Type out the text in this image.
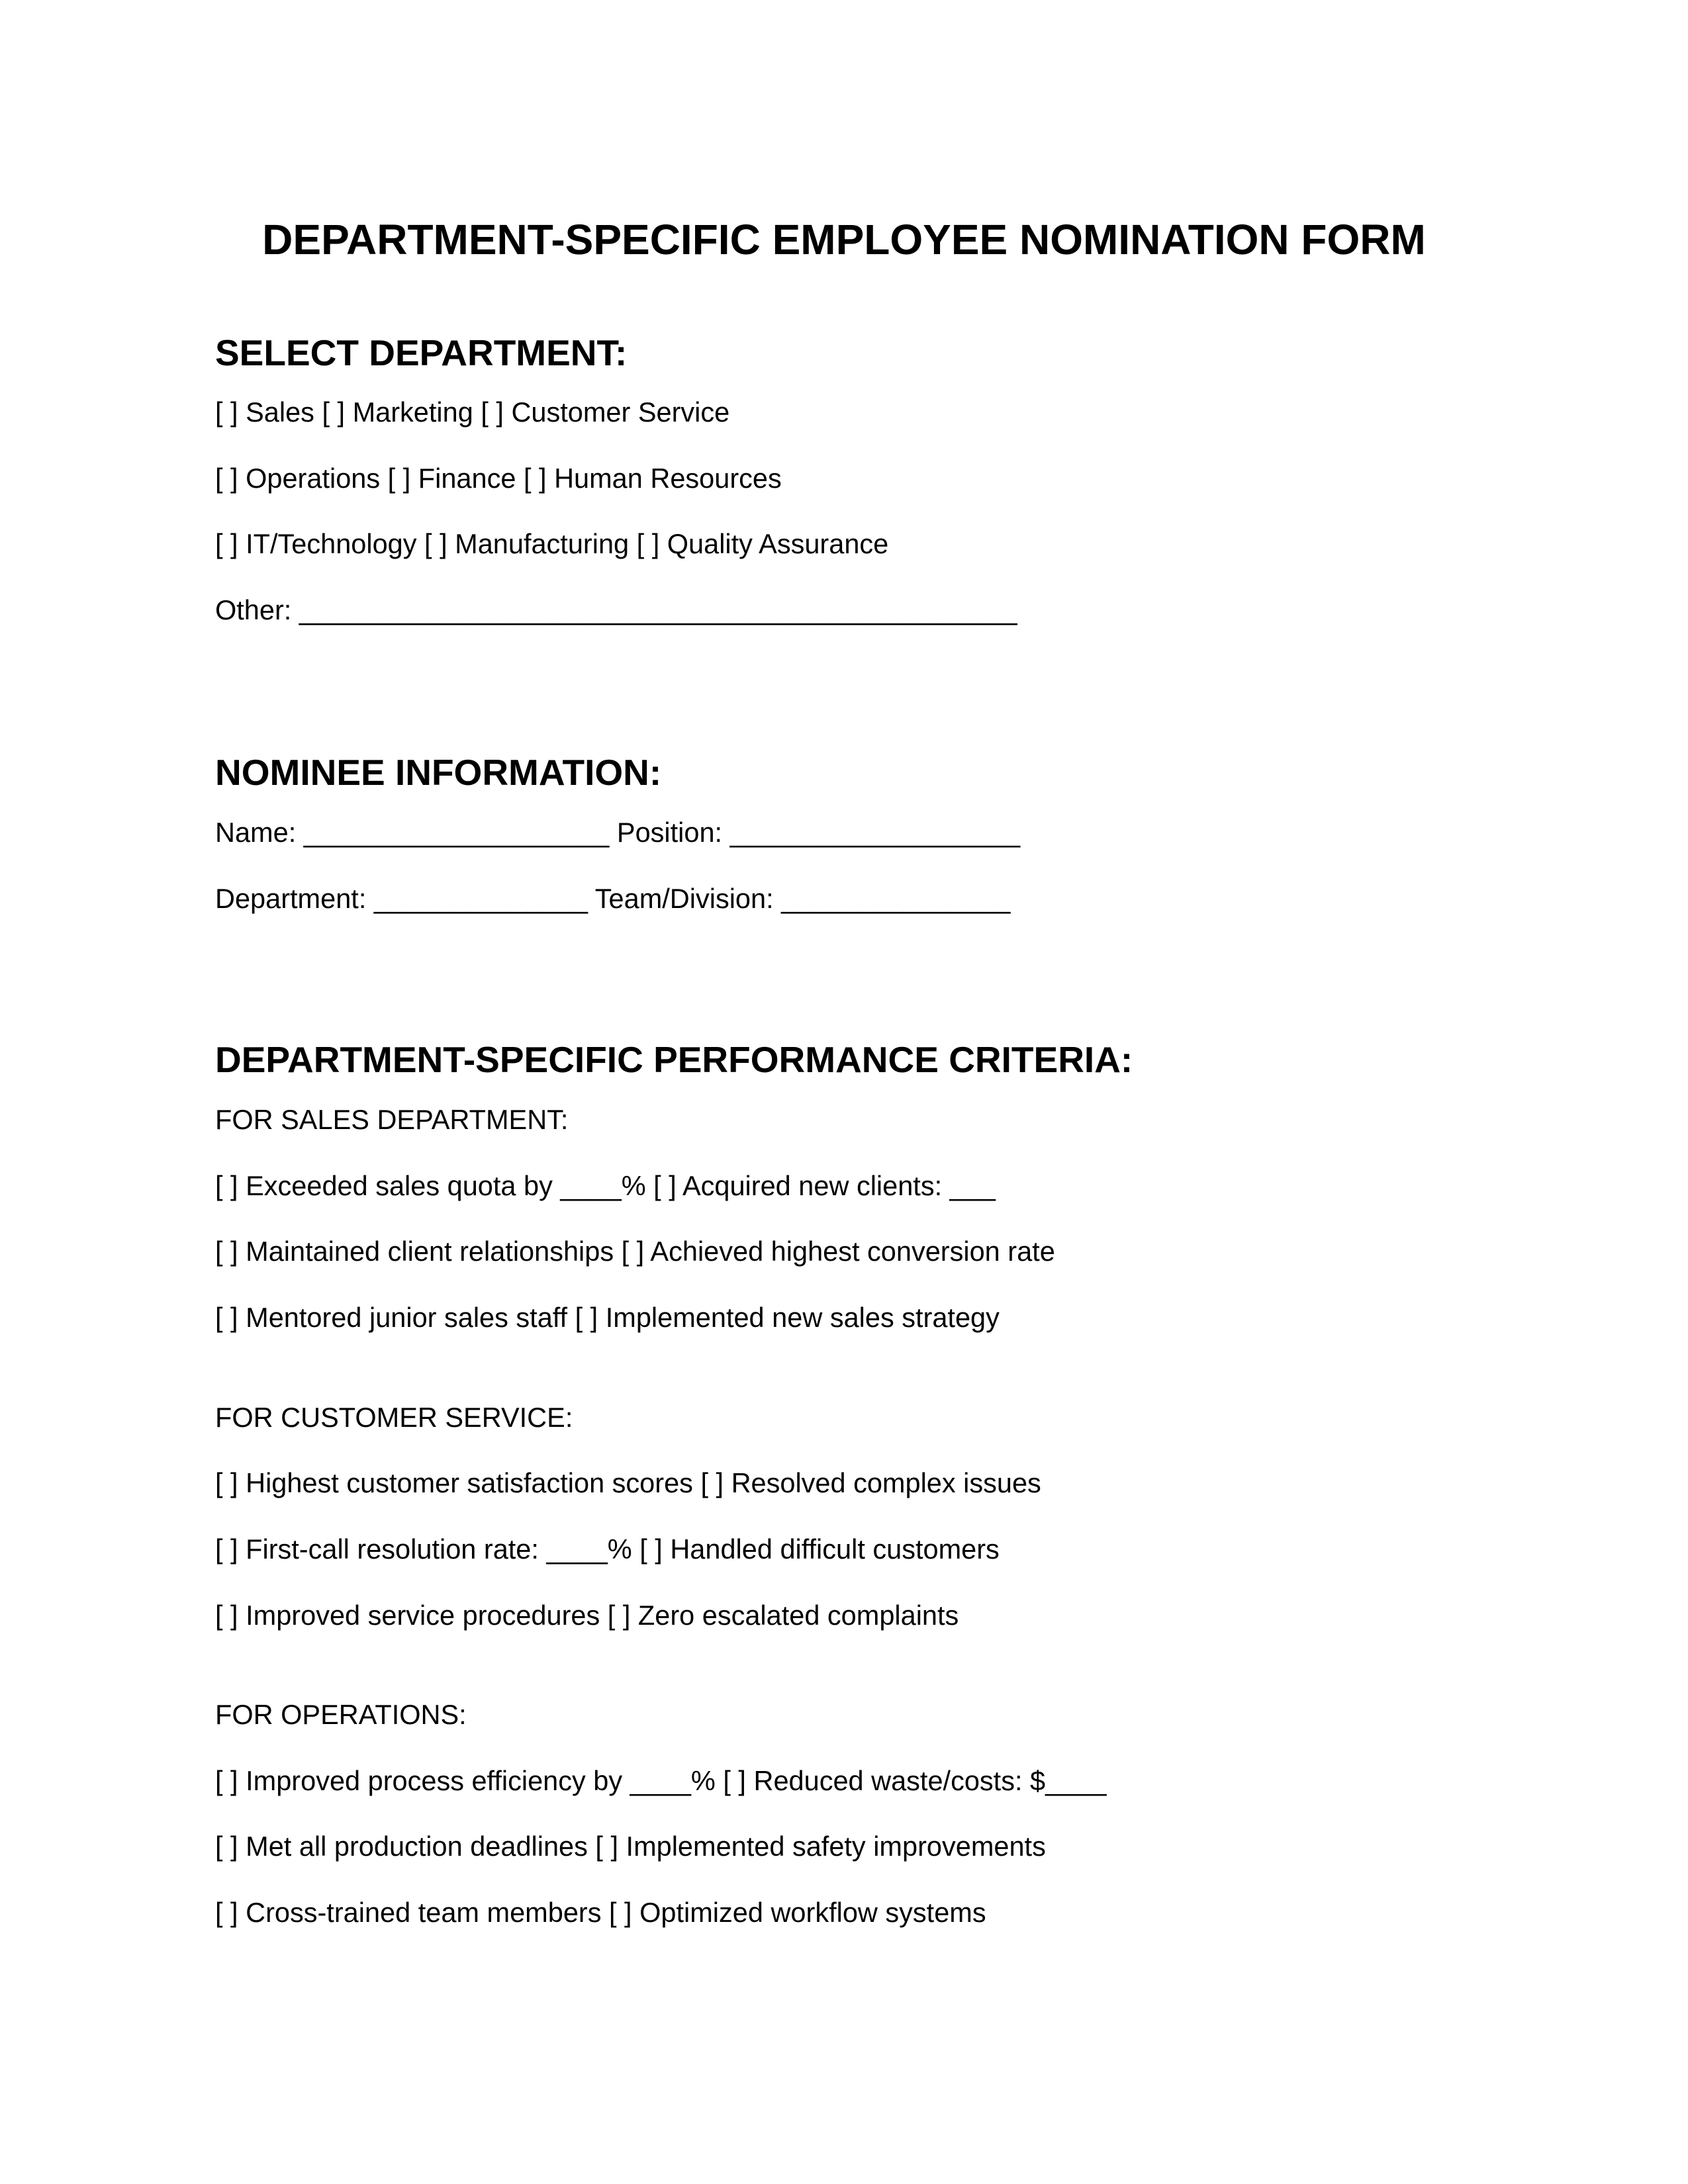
DEPARTMENT-SPECIFIC EMPLOYEE NOMINATION FORM
SELECT DEPARTMENT:
[ ] Sales [ ] Marketing [ ] Customer Service
[ ] Operations [ ] Finance [ ] Human Resources
[ ] IT/Technology [ ] Manufacturing [ ] Quality Assurance
Other: _______________________________________________
NOMINEE INFORMATION:
Name: ____________________ Position: ___________________
Department: ______________ Team/Division: _______________
DEPARTMENT-SPECIFIC PERFORMANCE CRITERIA:
FOR SALES DEPARTMENT:
[ ] Exceeded sales quota by ____% [ ] Acquired new clients: ___
[ ] Maintained client relationships [ ] Achieved highest conversion rate
[ ] Mentored junior sales staff [ ] Implemented new sales strategy
FOR CUSTOMER SERVICE:
[ ] Highest customer satisfaction scores [ ] Resolved complex issues
[ ] First-call resolution rate: ____% [ ] Handled difficult customers
[ ] Improved service procedures [ ] Zero escalated complaints
FOR OPERATIONS:
[ ] Improved process efficiency by ____% [ ] Reduced waste/costs: $____
[ ] Met all production deadlines [ ] Implemented safety improvements
[ ] Cross-trained team members [ ] Optimized workflow systems
